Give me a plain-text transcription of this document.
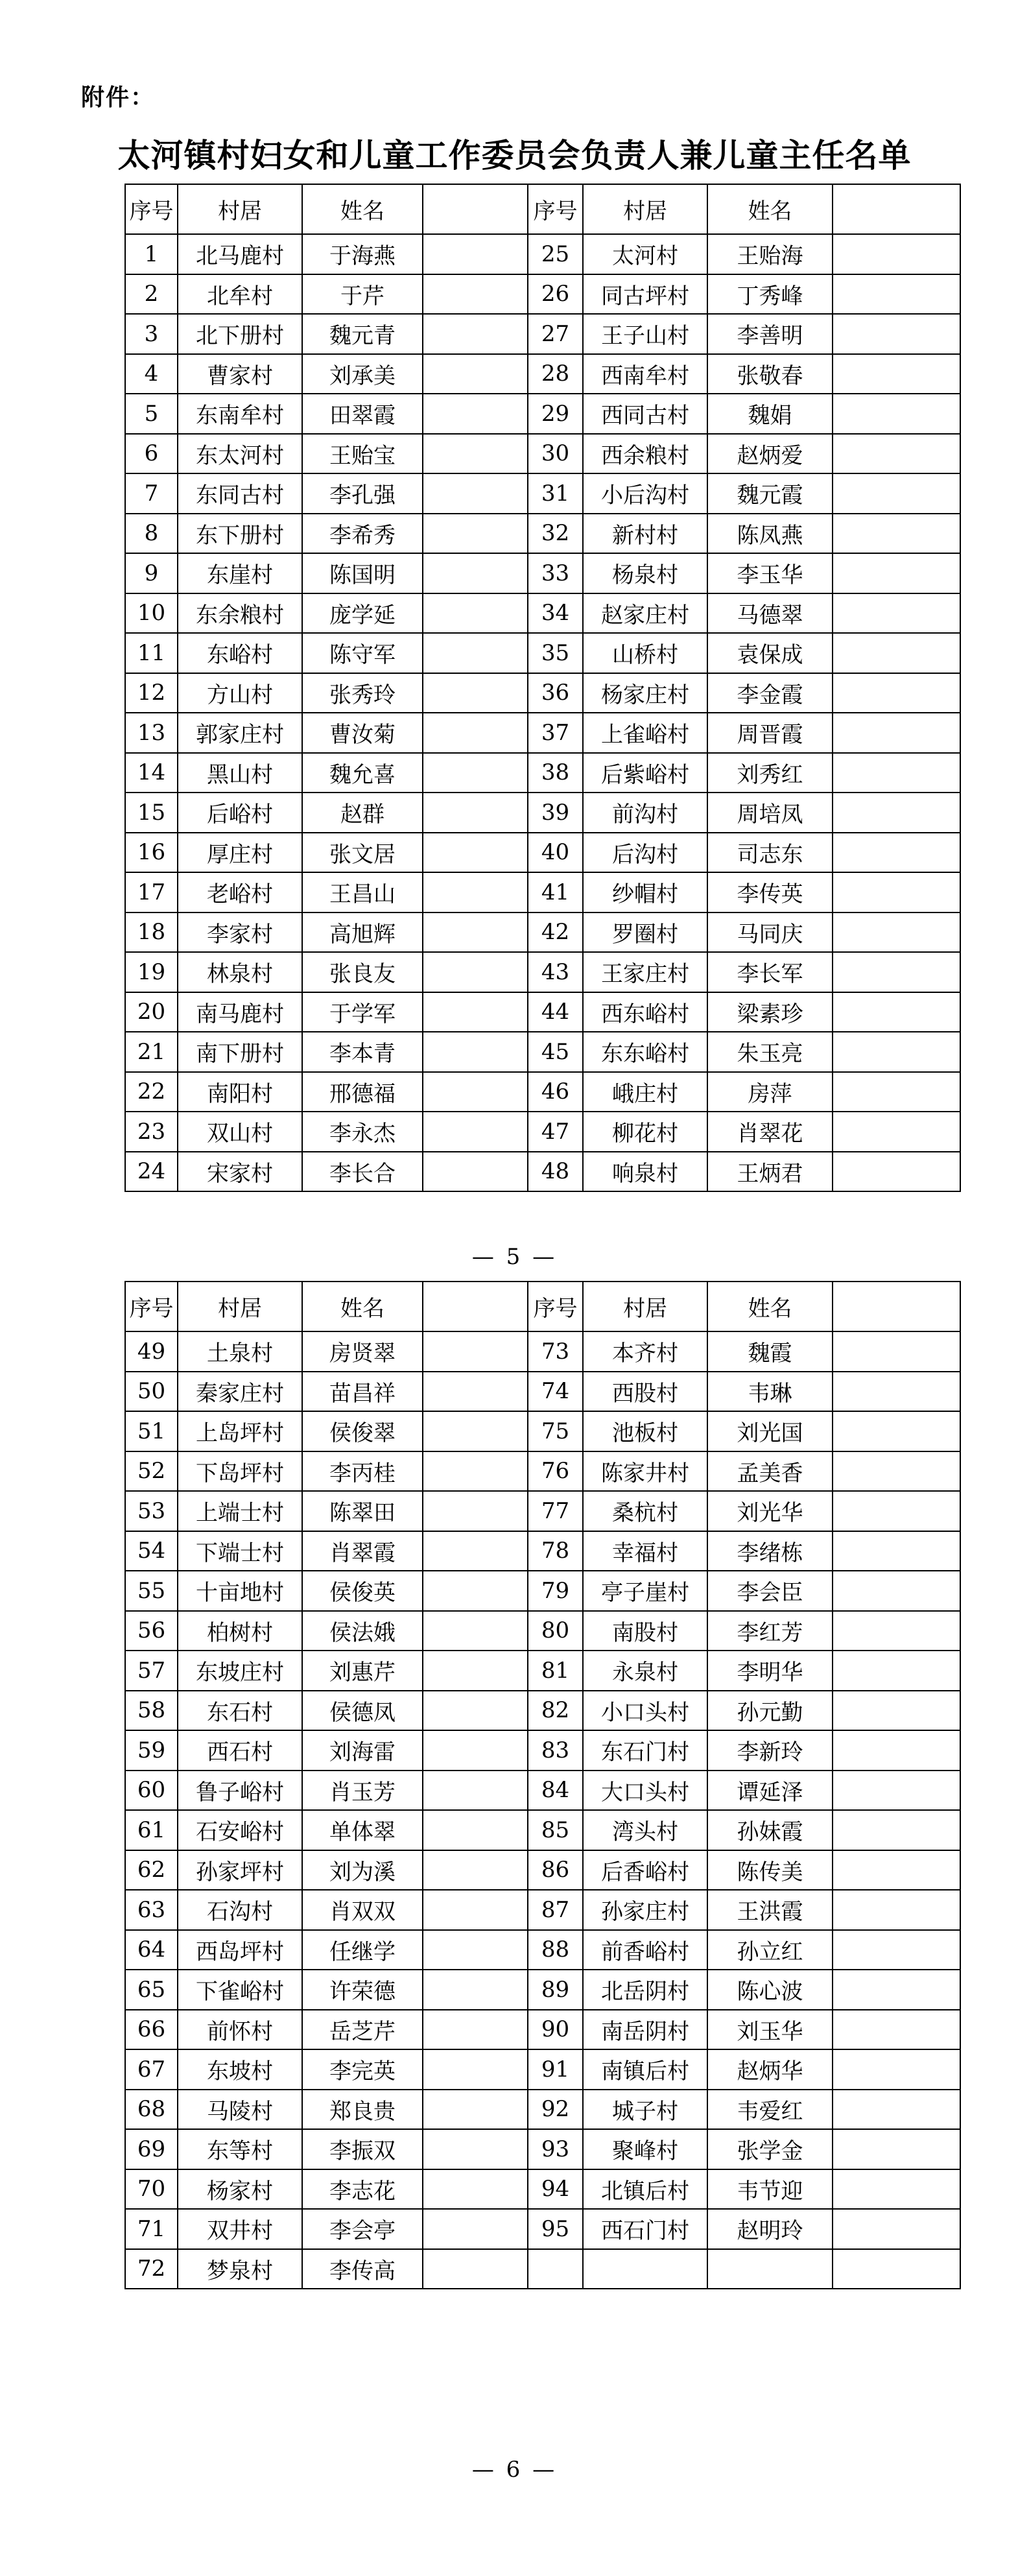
附件：
太河镇村妇女和儿童工作委员会负责人兼儿童主任名单
序号	村居	姓名		序号	村居	姓名	
1	北马鹿村	于海燕		25	太河村	王贻海	
2	北牟村	于芹		26	同古坪村	丁秀峰	
3	北下册村	魏元青		27	王子山村	李善明	
4	曹家村	刘承美		28	西南牟村	张敬春	
5	东南牟村	田翠霞		29	西同古村	魏娟	
6	东太河村	王贻宝		30	西余粮村	赵炳爱	
7	东同古村	李孔强		31	小后沟村	魏元霞	
8	东下册村	李希秀		32	新村村	陈凤燕	
9	东崖村	陈国明		33	杨泉村	李玉华	
10	东余粮村	庞学延		34	赵家庄村	马德翠	
11	东峪村	陈守军		35	山桥村	袁保成	
12	方山村	张秀玲		36	杨家庄村	李金霞	
13	郭家庄村	曹汝菊		37	上雀峪村	周晋霞	
14	黑山村	魏允喜		38	后紫峪村	刘秀红	
15	后峪村	赵群		39	前沟村	周培凤	
16	厚庄村	张文居		40	后沟村	司志东	
17	老峪村	王昌山		41	纱帽村	李传英	
18	李家村	高旭辉		42	罗圈村	马同庆	
19	林泉村	张良友		43	王家庄村	李长军	
20	南马鹿村	于学军		44	西东峪村	梁素珍	
21	南下册村	李本青		45	东东峪村	朱玉亮	
22	南阳村	邢德福		46	峨庄村	房萍	
23	双山村	李永杰		47	柳花村	肖翠花	
24	宋家村	李长合		48	响泉村	王炳君	
— 5 —
序号	村居	姓名		序号	村居	姓名	
49	土泉村	房贤翠		73	本齐村	魏霞	
50	秦家庄村	苗昌祥		74	西股村	韦琳	
51	上岛坪村	侯俊翠		75	池板村	刘光国	
52	下岛坪村	李丙桂		76	陈家井村	孟美香	
53	上端士村	陈翠田		77	桑杭村	刘光华	
54	下端士村	肖翠霞		78	幸福村	李绪栋	
55	十亩地村	侯俊英		79	亭子崖村	李会臣	
56	柏树村	侯法娥		80	南股村	李红芳	
57	东坡庄村	刘惠芹		81	永泉村	李明华	
58	东石村	侯德凤		82	小口头村	孙元勤	
59	西石村	刘海雷		83	东石门村	李新玲	
60	鲁子峪村	肖玉芳		84	大口头村	谭延泽	
61	石安峪村	单体翠		85	湾头村	孙妹霞	
62	孙家坪村	刘为溪		86	后香峪村	陈传美	
63	石沟村	肖双双		87	孙家庄村	王洪霞	
64	西岛坪村	任继学		88	前香峪村	孙立红	
65	下雀峪村	许荣德		89	北岳阴村	陈心波	
66	前怀村	岳芝芹		90	南岳阴村	刘玉华	
67	东坡村	李完英		91	南镇后村	赵炳华	
68	马陵村	郑良贵		92	城子村	韦爱红	
69	东等村	李振双		93	聚峰村	张学金	
70	杨家村	李志花		94	北镇后村	韦节迎	
71	双井村	李会亭		95	西石门村	赵明玲	
72	梦泉村	李传高					
— 6 —
